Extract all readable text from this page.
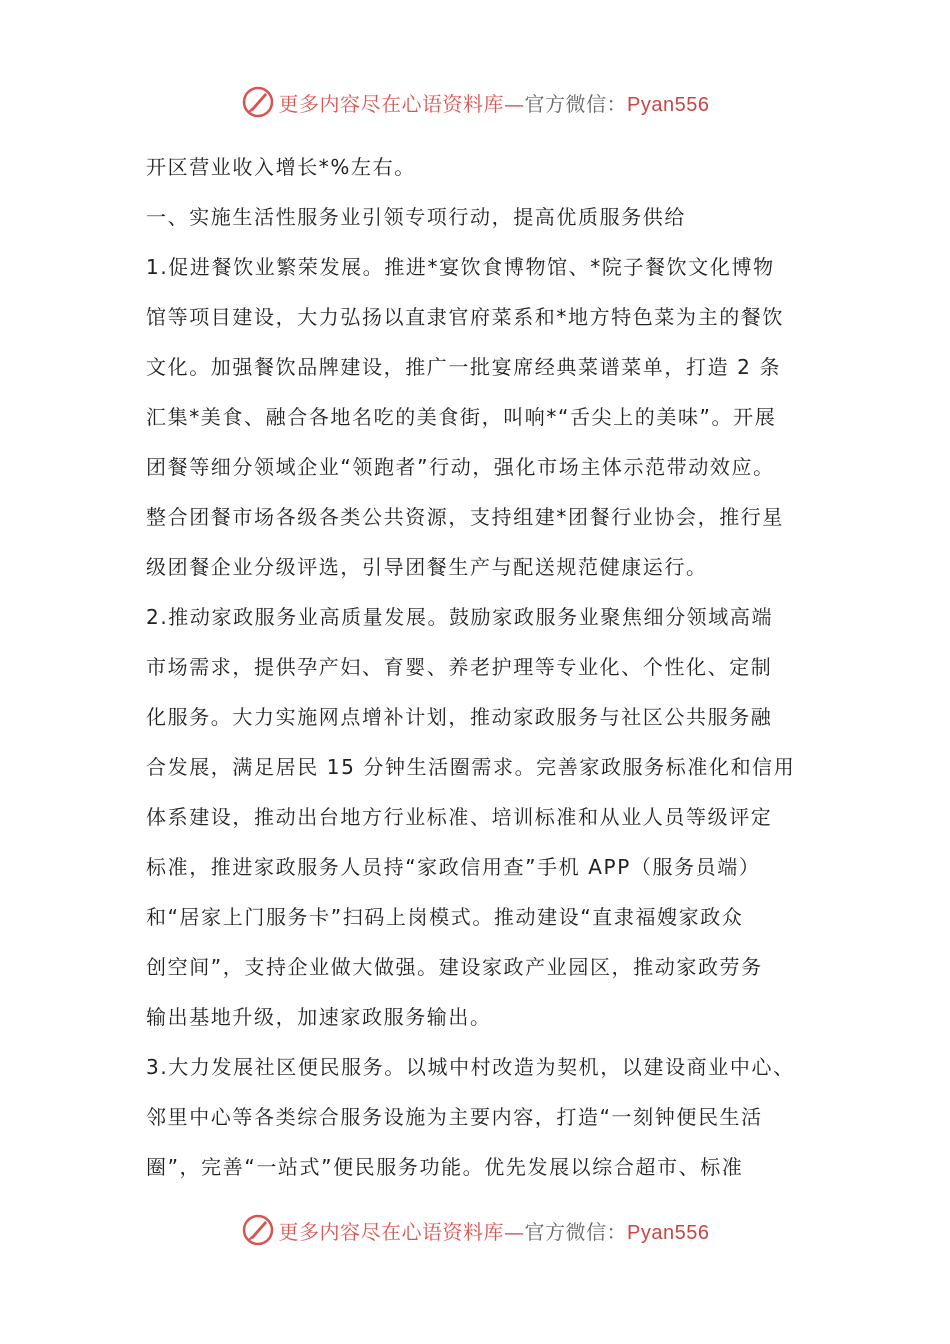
更多内容尽在心语资料库—官方微信：Pyan556
开区营业收入增长*%左右。
一、实施生活性服务业引领专项行动，提高优质服务供给
1.促进餐饮业繁荣发展。推进*宴饮食博物馆、*院子餐饮文化博物
馆等项目建设，大力弘扬以直隶官府菜系和*地方特色菜为主的餐饮
文化。加强餐饮品牌建设，推广一批宴席经典菜谱菜单，打造 2 条
汇集*美食、融合各地名吃的美食街，叫响*“舌尖上的美味”。开展
团餐等细分领域企业“领跑者”行动，强化市场主体示范带动效应。
整合团餐市场各级各类公共资源，支持组建*团餐行业协会，推行星
级团餐企业分级评选，引导团餐生产与配送规范健康运行。
2.推动家政服务业高质量发展。鼓励家政服务业聚焦细分领域高端
市场需求，提供孕产妇、育婴、养老护理等专业化、个性化、定制
化服务。大力实施网点增补计划，推动家政服务与社区公共服务融
合发展，满足居民 15 分钟生活圈需求。完善家政服务标准化和信用
体系建设，推动出台地方行业标准、培训标准和从业人员等级评定
标准，推进家政服务人员持“家政信用查”手机 APP（服务员端）
和“居家上门服务卡”扫码上岗模式。推动建设“直隶福嫂家政众
创空间”，支持企业做大做强。建设家政产业园区，推动家政劳务
输出基地升级，加速家政服务输出。
3.大力发展社区便民服务。以城中村改造为契机，以建设商业中心、
邻里中心等各类综合服务设施为主要内容，打造“一刻钟便民生活
圈”，完善“一站式”便民服务功能。优先发展以综合超市、标准
更多内容尽在心语资料库—官方微信：Pyan556
